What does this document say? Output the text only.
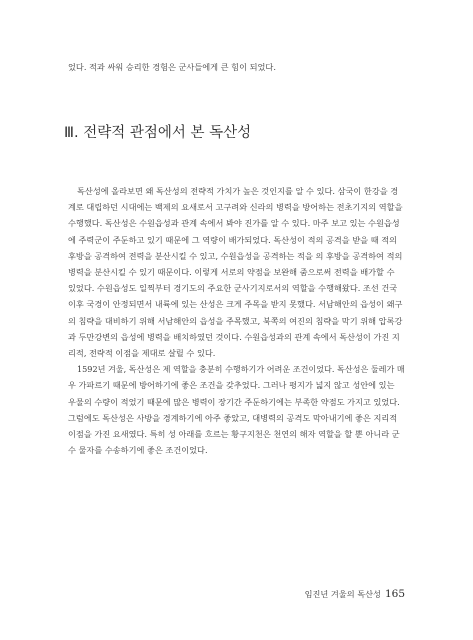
었다. 적과 싸워 승리한 경험은 군사들에게 큰 힘이 되었다.
Ⅲ. 전략적 관점에서 본 독산성
독산성에 올라보면 왜 독산성의 전략적 가치가 높은 것인지를 알 수 있다. 삼국이 한강을 경
계로 대립하던 시대에는 백제의 요새로서 고구려와 신라의 병력을 방어하는 전초기지의 역할을
수행했다. 독산성은 수원읍성과 관계 속에서 봐야 진가를 알 수 있다. 마주 보고 있는 수원읍성
에 주력군이 주둔하고 있기 때문에 그 역량이 배가되었다. 독산성이 적의 공격을 받을 때 적의
후방을 공격하여 전력을 분산시킬 수 있고, 수원읍성을 공격하는 적을 의 후방을 공격하여 적의
병력을 분산시킬 수 있기 때문이다. 이렇게 서로의 약점을 보완해 줌으로써 전력을 배가할 수
있었다. 수원읍성도 일찍부터 경기도의 주요한 군사기지로서의 역할을 수행해왔다. 조선 건국
이후 국경이 안정되면서 내륙에 있는 산성은 크게 주목을 받지 못했다. 서남해안의 읍성이 왜구
의 침략을 대비하기 위해 서남해안의 읍성을 주목했고, 북쪽의 여진의 침략을 막기 위해 압록강
과 두만강변의 읍성에 병력을 배치하였던 것이다. 수원읍성과의 관계 속에서 독산성이 가진 지
리적, 전략적 이점을 제대로 살릴 수 있다.
1592년 겨울, 독산성은 제 역할을 충분히 수행하기가 어려운 조건이었다. 독산성은 둘레가 매
우 가파르기 때문에 방어하기에 좋은 조건을 갖추었다. 그러나 평지가 넓지 않고 성안에 있는
우물의 수량이 적었기 때문에 많은 병력이 장기간 주둔하기에는 부족한 약점도 가지고 있었다.
그럼에도 독산성은 사방을 경계하기에 아주 좋았고, 대병력의 공격도 막아내기에 좋은 지리적
이점을 가진 요새였다. 특히 성 아래를 흐르는 황구지천은 천연의 해자 역할을 할 뿐 아니라 군
수 물자를 수송하기에 좋은 조건이었다.
임진년 겨울의 독산성 165
